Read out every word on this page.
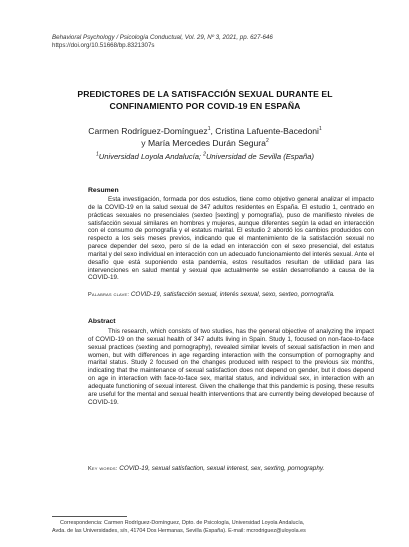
Behavioral Psychology / Psicología Conductual, Vol. 29, Nº 3, 2021, pp. 627-646
https://doi.org/10.51668/bp.8321307s
PREDICTORES DE LA SATISFACCIÓN SEXUAL DURANTE EL
CONFINAMIENTO POR COVID-19 EN ESPAÑA
Carmen Rodríguez-Domínguez$^1$, Cristina Lafuente-Bacedoni$^1$
y María Mercedes Durán Segura$^2$
$^1$Universidad Loyola Andalucía; $^2$Universidad de Sevilla (España)
Resumen

Esta investigación, formada por dos estudios, tiene como objetivo general analizar el impacto de la COVID-19 en la salud sexual de 347 adultos residentes en España. El estudio 1, centrado en prácticas sexuales no presenciales (sexteo [sexting] y pornografía), puso de manifiesto niveles de satisfacción sexual similares en hombres y mujeres, aunque diferentes según la edad en interacción con el consumo de pornografía y el estatus marital. El estudio 2 abordó los cambios producidos con respecto a los seis meses previos, indicando que el mantenimiento de la satisfacción sexual no parece depender del sexo, pero sí de la edad en interacción con el sexo presencial, del estatus marital y del sexo individual en interacción con un adecuado funcionamiento del interés sexual. Ante el desafío que está suponiendo esta pandemia, estos resultados resultan de utilidad para las intervenciones en salud mental y sexual que actualmente se están desarrollando a causa de la COVID-19.

Palabras clave: COVID-19, satisfacción sexual, interés sexual, sexo, sexteo, pornografía.
Abstract

This research, which consists of two studies, has the general objective of analyzing the impact of COVID-19 on the sexual health of 347 adults living in Spain. Study 1, focused on non-face-to-face sexual practices (sexting and pornography), revealed similar levels of sexual satisfaction in men and women, but with differences in age regarding interaction with the consumption of pornography and marital status. Study 2 focused on the changes produced with respect to the previous six months, indicating that the maintenance of sexual satisfaction does not depend on gender, but it does depend on age in interaction with face-to-face sex, marital status, and individual sex, in interaction with an adequate functioning of sexual interest. Given the challenge that this pandemic is posing, these results are useful for the mental and sexual health interventions that are currently being developed because of COVID-19.

Key words: COVID-19, sexual satisfaction, sexual interest, sex, sexting, pornography.
Correspondencia: Carmen Rodríguez-Domínguez, Dpto. de Psicología, Universidad Loyola Andalucía,
Avda. de las Universidades, s/n, 41704 Dos Hermanas, Sevilla (España). E-mail: mcrodriguez@uloyola.es
